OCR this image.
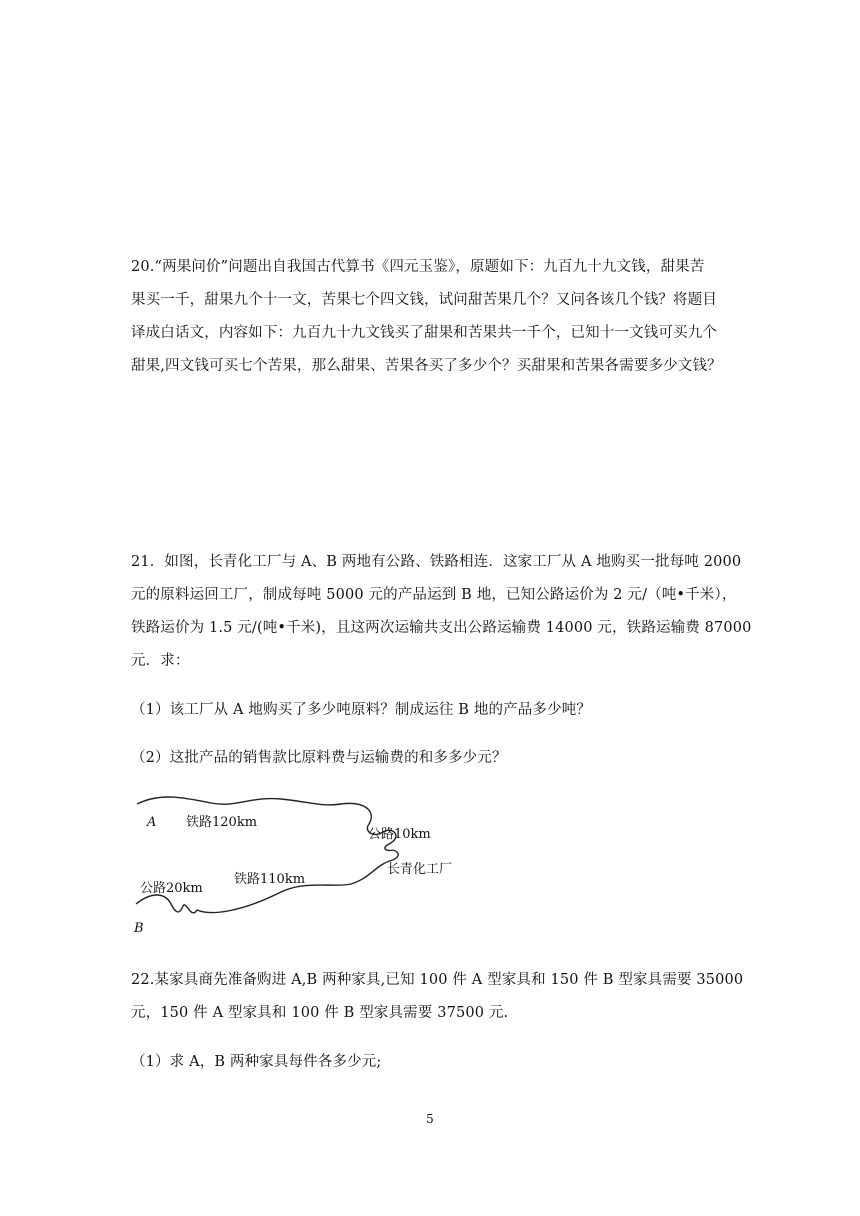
20.“两果问价”问题出自我国古代算书《四元玉鉴》，原题如下：九百九十九文钱，甜果苦
果买一千，甜果九个十一文，苦果七个四文钱，试问甜苦果几个？又问各该几个钱？将题目
译成白话文，内容如下：九百九十九文钱买了甜果和苦果共一千个，已知十一文钱可买九个
甜果,四文钱可买七个苦果，那么甜果、苦果各买了多少个？买甜果和苦果各需要多少文钱？
21．如图，长青化工厂与 A、B 两地有公路、铁路相连．这家工厂从 A 地购买一批每吨 2000
元的原料运回工厂，制成每吨 5000 元的产品运到 B 地，已知公路运价为 2 元/（吨•千米），
铁路运价为 1.5 元/(吨•千米)，且这两次运输共支出公路运输费 14000 元，铁路运输费 87000
元．求：
（1）该工厂从 A 地购买了多少吨原料？制成运往 B 地的产品多少吨？
（2）这批产品的销售款比原料费与运输费的和多多少元？
A 铁路120km
公路10km
长青化工厂
铁路110km
公路20km
B
22.某家具商先准备购进 A,B 两种家具,已知 100 件 A 型家具和 150 件 B 型家具需要 35000
元，150 件 A 型家具和 100 件 B 型家具需要 37500 元.
（1）求 A，B 两种家具每件各多少元;
5
